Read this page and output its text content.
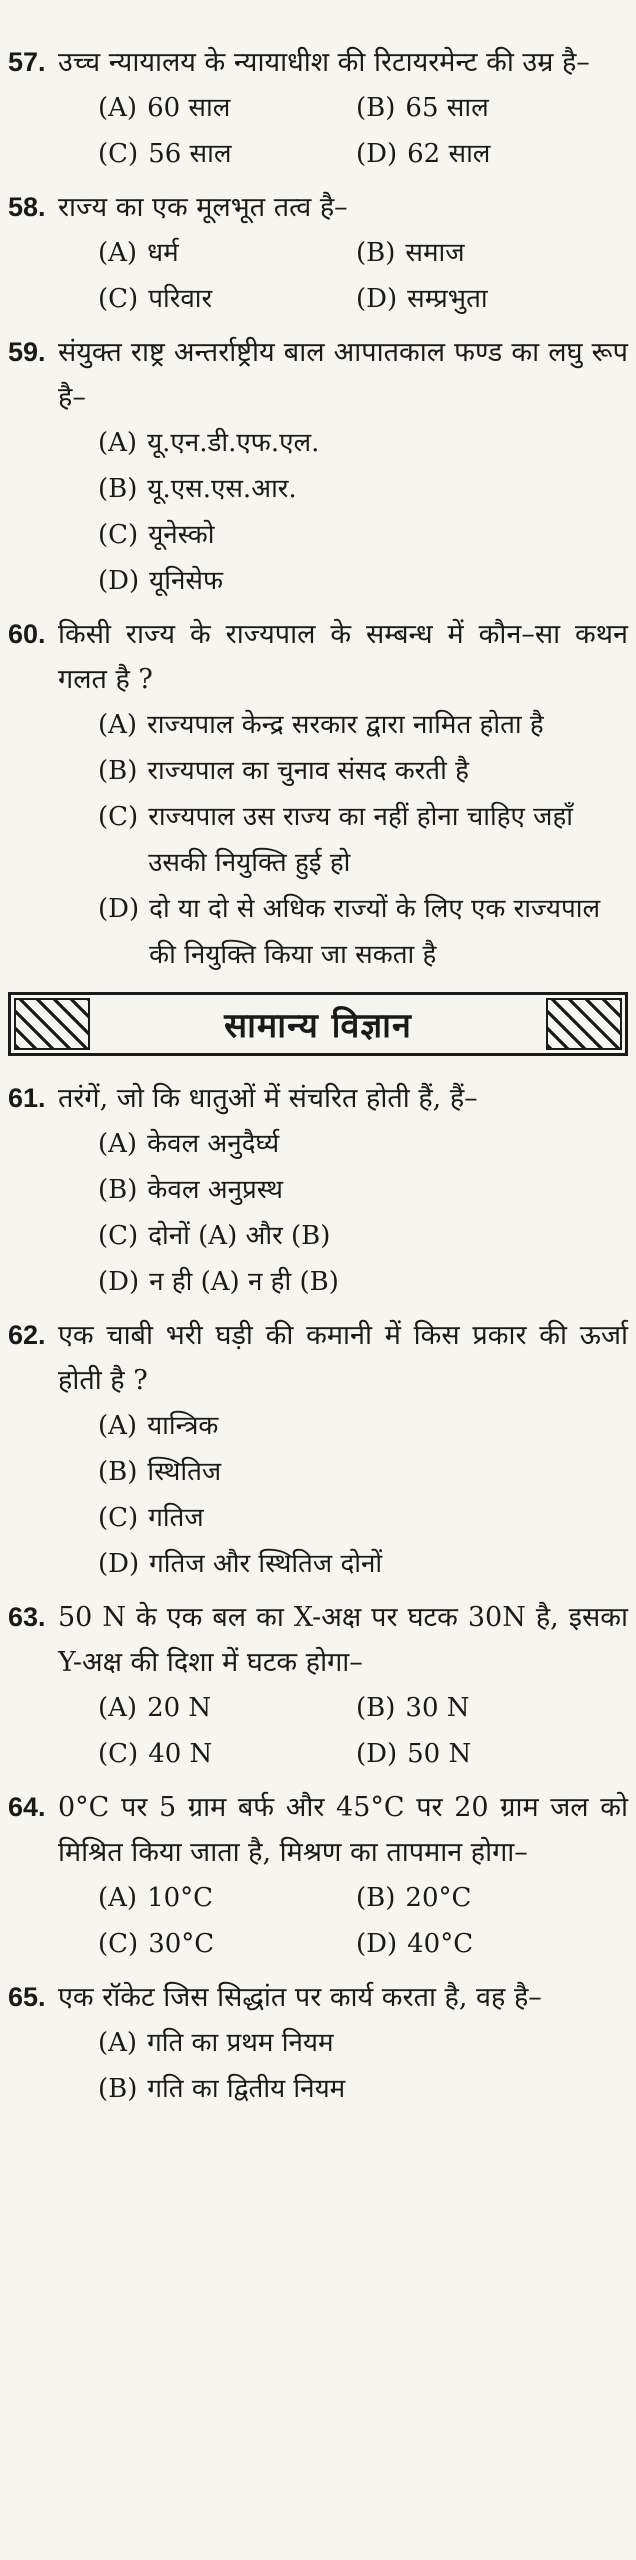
57. उच्च न्यायालय के न्यायाधीश की रिटायरमेन्ट की उम्र है–
(A) 60 साल	(B) 65 साल
(C) 56 साल	(D) 62 साल
58. राज्य का एक मूलभूत तत्व है–
(A) धर्म	(B) समाज
(C) परिवार	(D) सम्प्रभुता
59. संयुक्त राष्ट्र अन्तर्राष्ट्रीय बाल आपातकाल फण्ड का लघु रूप है–
(A) यू.एन.डी.एफ.एल.
(B) यू.एस.एस.आर.
(C) यूनेस्को
(D) यूनिसेफ
60. किसी राज्य के राज्यपाल के सम्बन्ध में कौन–सा कथन गलत है ?
(A) राज्यपाल केन्द्र सरकार द्वारा नामित होता है
(B) राज्यपाल का चुनाव संसद करती है
(C) राज्यपाल उस राज्य का नहीं होना चाहिए जहाँ उसकी नियुक्ति हुई हो
(D) दो या दो से अधिक राज्यों के लिए एक राज्यपाल की नियुक्ति किया जा सकता है
सामान्य विज्ञान
61. तरंगें, जो कि धातुओं में संचरित होती हैं, हैं–
(A) केवल अनुदैर्घ्य
(B) केवल अनुप्रस्थ
(C) दोनों (A) और (B)
(D) न ही (A) न ही (B)
62. एक चाबी भरी घड़ी की कमानी में किस प्रकार की ऊर्जा होती है ?
(A) यान्त्रिक
(B) स्थितिज
(C) गतिज
(D) गतिज और स्थितिज दोनों
63. 50 N के एक बल का X-अक्ष पर घटक 30N है, इसका Y-अक्ष की दिशा में घटक होगा–
(A) 20 N	(B) 30 N
(C) 40 N	(D) 50 N
64. 0°C पर 5 ग्राम बर्फ और 45°C पर 20 ग्राम जल को मिश्रित किया जाता है, मिश्रण का तापमान होगा–
(A) 10°C	(B) 20°C
(C) 30°C	(D) 40°C
65. एक रॉकेट जिस सिद्धांत पर कार्य करता है, वह है–
(A) गति का प्रथम नियम
(B) गति का द्वितीय नियम
